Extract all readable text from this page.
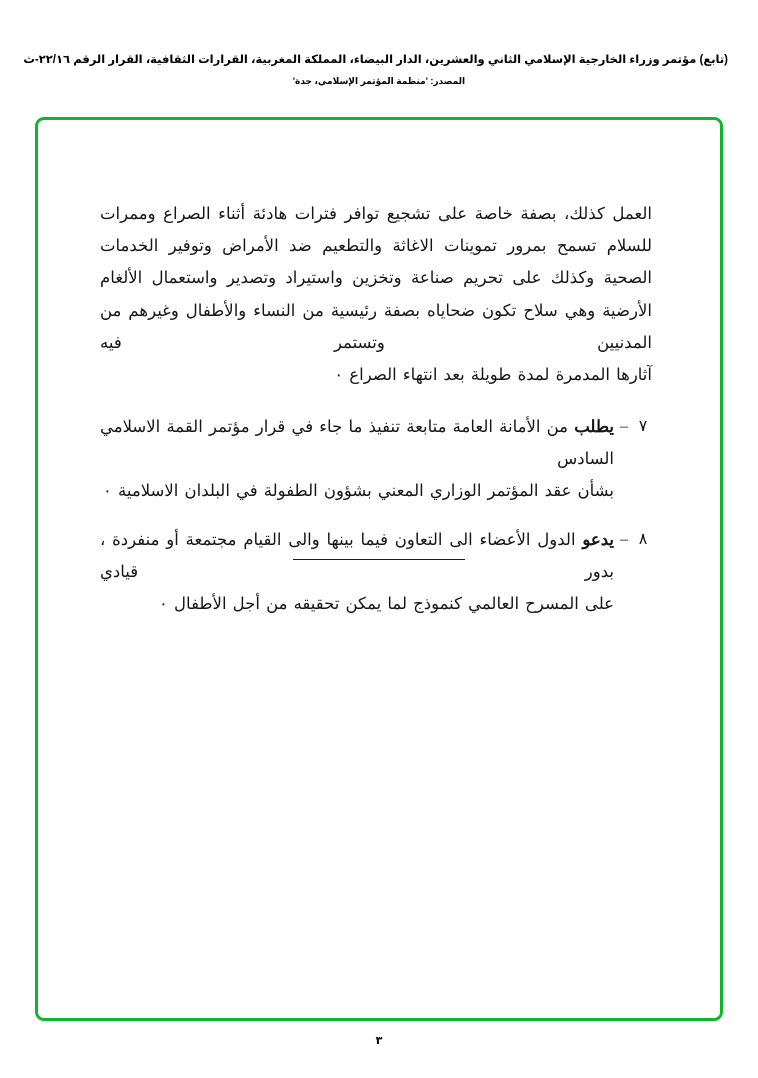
(تابع) مؤتمر وزراء الخارجية الإسلامي الثاني والعشرين، الدار البيضاء، المملكة المغربية، القرارات الثقافية، القرار الرقم ٢٢/١٦-ث
المصدر: 'منظمة المؤتمر الإسلامي، جدة'
العمل كذلك، بصفة خاصة على تشجيع توافر فترات هادئة أثناء الصراع وممرات للسلام تسمح بمرور تموينات الاغاثة والتطعيم ضد الأمراض وتوفير الخدمات الصحية وكذلك على تحريم صناعة وتخزين واستيراد وتصدير واستعمال الألغام الأرضية وهي سلاح تكون ضحاياه بصفة رئيسية من النساء والأطفال وغيرهم من المدنيين وتستمر فيه
آثارها المدمرة لمدة طويلة بعد انتهاء الصراع ٠
٧
–
يطلب من الأمانة العامة متابعة تنفيذ ما جاء في قرار مؤتمر القمة الاسلامي السادس
بشأن عقد المؤتمر الوزاري المعني بشؤون الطفولة في البلدان الاسلامية ٠
٨
–
يدعو الدول الأعضاء الى التعاون فيما بينها والى القيام مجتمعة أو منفردة ، بدور قيادي
على المسرح العالمي كنموذج لما يمكن تحقيقه من أجل الأطفال ٠
٣
